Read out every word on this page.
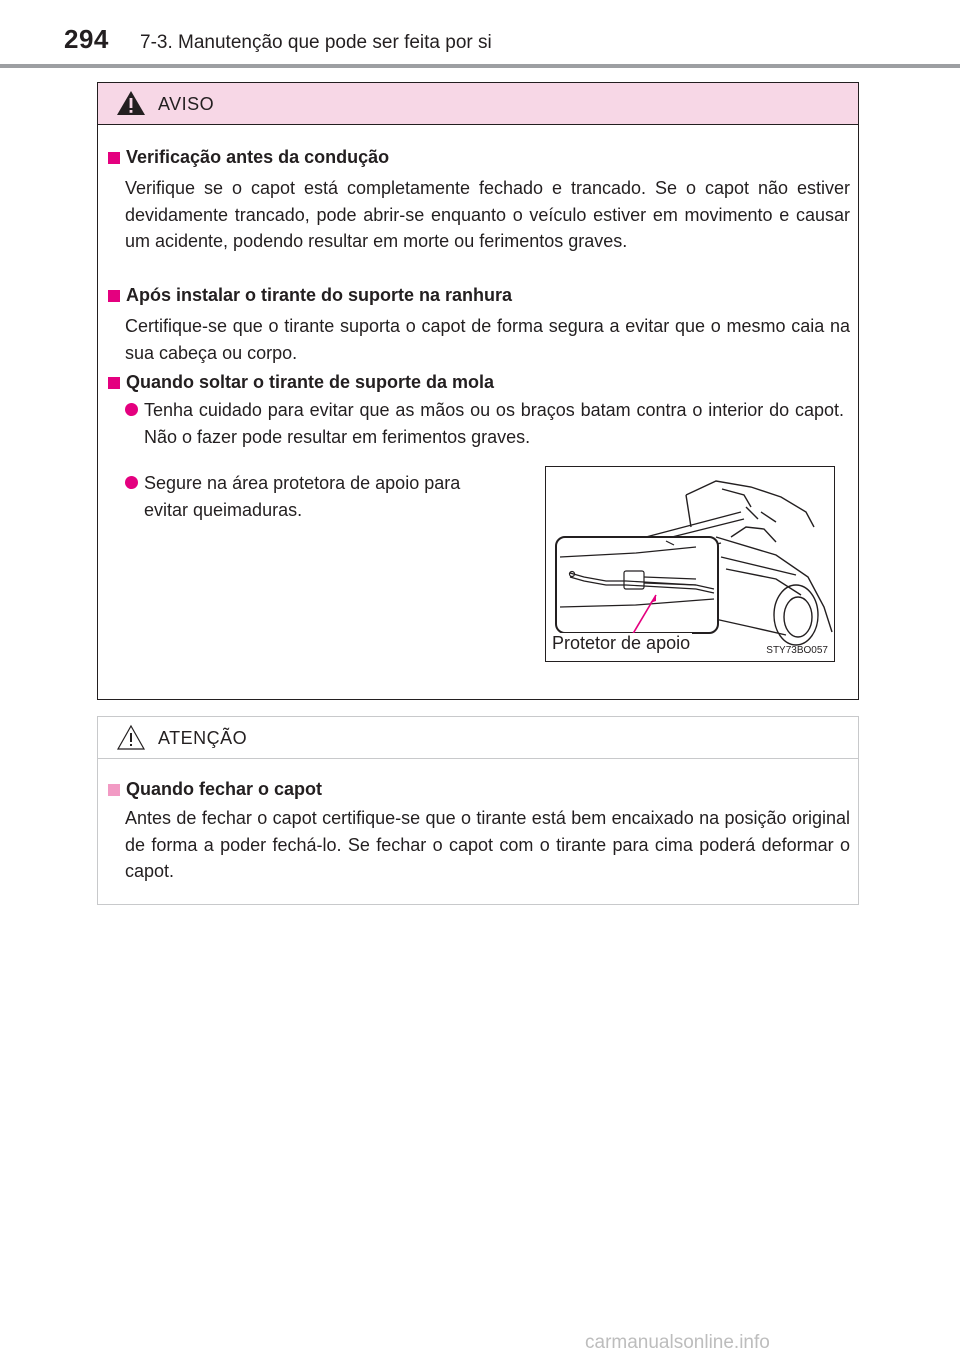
294 7-3. Manutenção que pode ser feita por si
AVISO
Verificação antes da condução
Verifique se o capot está completamente fechado e trancado. Se o capot não estiver devidamente trancado, pode abrir-se enquanto o veículo estiver em movimento e causar um acidente, podendo resultar em morte ou ferimentos graves.
Após instalar o tirante do suporte na ranhura
Certifique-se que o tirante suporta o capot de forma segura a evitar que o mesmo caia na sua cabeça ou corpo.
Quando soltar o tirante de suporte da mola
Tenha cuidado para evitar que as mãos ou os braços batam contra o interior do capot. Não o fazer pode resultar em ferimentos graves.
Segure na área protetora de apoio para evitar queimaduras.
Protetor de apoio	STY73BO057
ATENÇÃO
Quando fechar o capot
Antes de fechar o capot certifique-se que o tirante está bem encaixado na posição original de forma a poder fechá-lo. Se fechar o capot com o tirante para cima poderá deformar o capot.
carmanualsonline.info
